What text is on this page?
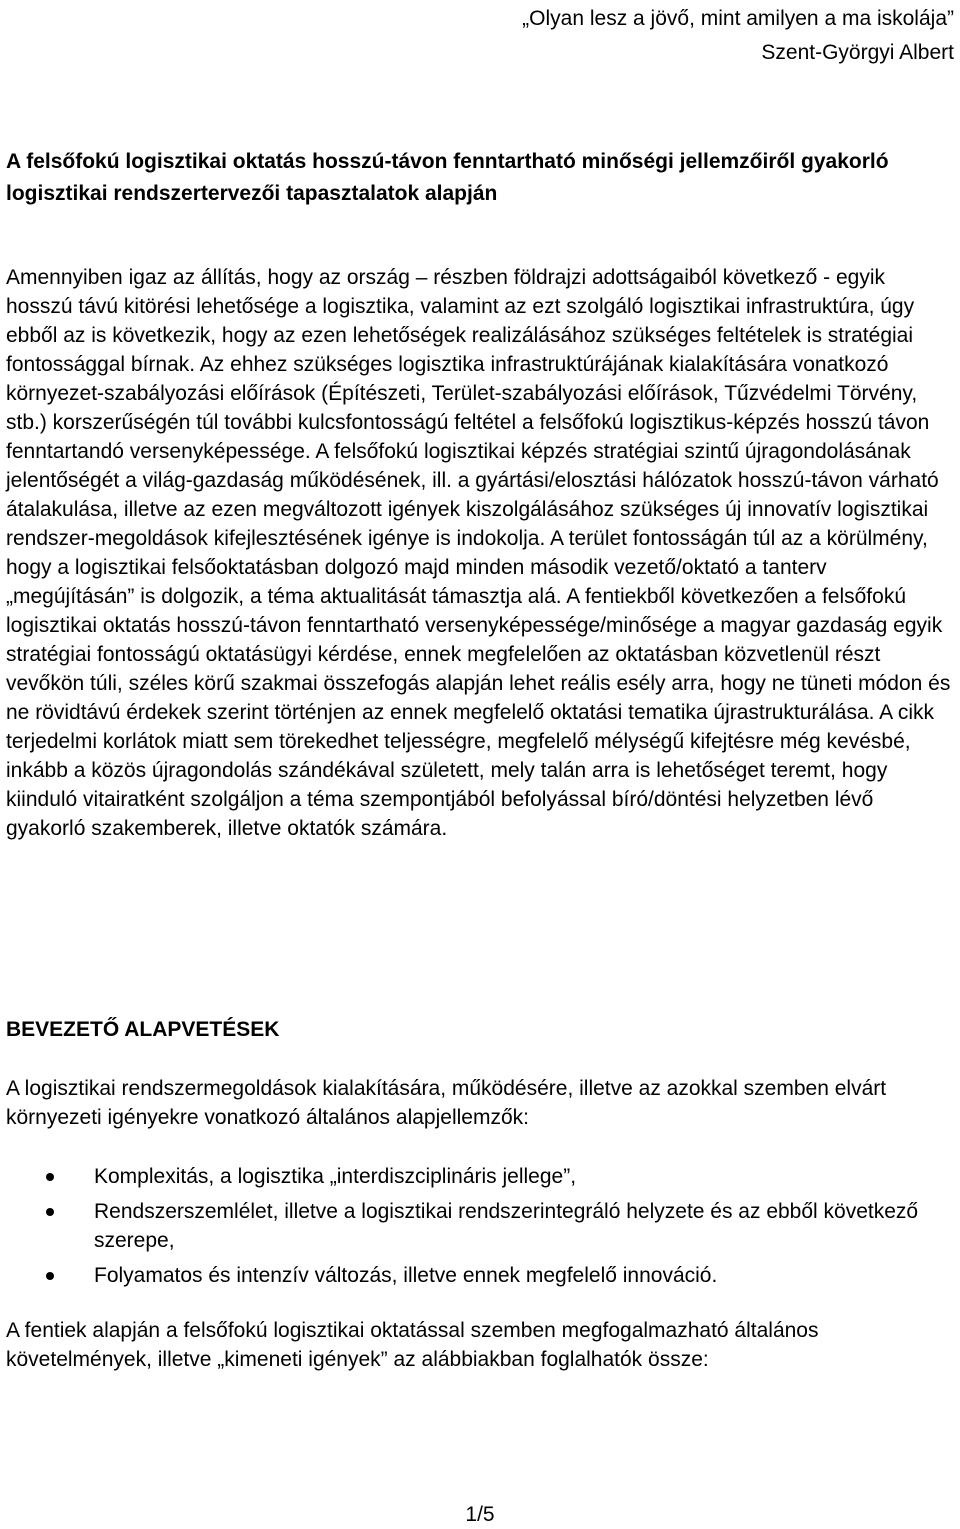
„Olyan lesz a jövő, mint amilyen a ma iskolája”
Szent-Györgyi Albert
A felsőfokú logisztikai oktatás hosszú-távon fenntartható minőségi jellemzőiről gyakorló logisztikai rendszertervezői tapasztalatok alapján

Amennyiben igaz az állítás, hogy az ország – részben földrajzi adottságaiból következő - egyik hosszú távú kitörési lehetősége a logisztika, valamint az ezt szolgáló logisztikai infrastruktúra, úgy ebből az is következik, hogy az ezen lehetőségek realizálásához szükséges feltételek is stratégiai fontossággal bírnak. Az ehhez szükséges logisztika infrastruktúrájának kialakítására vonatkozó környezet-szabályozási előírások (Építészeti, Terület-szabályozási előírások, Tűzvédelmi Törvény, stb.) korszerűségén túl további kulcsfontosságú feltétel a felsőfokú logisztikus-képzés hosszú távon fenntartandó versenyképessége. A felsőfokú logisztikai képzés stratégiai szintű újragondolásának jelentőségét a világ-gazdaság működésének, ill. a gyártási/elosztási hálózatok hosszú-távon várható átalakulása, illetve az ezen megváltozott igények kiszolgálásához szükséges új innovatív logisztikai rendszer-megoldások kifejlesztésének igénye is indokolja. A terület fontosságán túl az a körülmény, hogy a logisztikai felsőoktatásban dolgozó majd minden második vezető/oktató a tanterv „megújításán” is dolgozik, a téma aktualitását támasztja alá. A fentiekből következően a felsőfokú logisztikai oktatás hosszú-távon fenntartható versenyképessége/minősége a magyar gazdaság egyik stratégiai fontosságú oktatásügyi kérdése, ennek megfelelően az oktatásban közvetlenül részt vevőkön túli, széles körű szakmai összefogás alapján lehet reális esély arra, hogy ne tüneti módon és ne rövidtávú érdekek szerint történjen az ennek megfelelő oktatási tematika újrastrukturálása. A cikk terjedelmi korlátok miatt sem törekedhet teljességre, megfelelő mélységű kifejtésre még kevésbé, inkább a közös újragondolás szándékával született, mely talán arra is lehetőséget teremt, hogy kiinduló vitairatként szolgáljon a téma szempontjából befolyással bíró/döntési helyzetben lévő gyakorló szakemberek, illetve oktatók számára.

BEVEZETŐ ALAPVETÉSEK

A logisztikai rendszermegoldások kialakítására, működésére, illetve az azokkal szemben elvárt környezeti igényekre vonatkozó általános alapjellemzők:

Komplexitás, a logisztika „interdiszciplináris jellege”,
Rendszerszemlélet, illetve a logisztikai rendszerintegráló helyzete és az ebből következő szerepe,
Folyamatos és intenzív változás, illetve ennek megfelelő innováció.

A fentiek alapján a felsőfokú logisztikai oktatással szemben megfogalmazható általános követelmények, illetve „kimeneti igények” az alábbiakban foglalhatók össze:

1/5
